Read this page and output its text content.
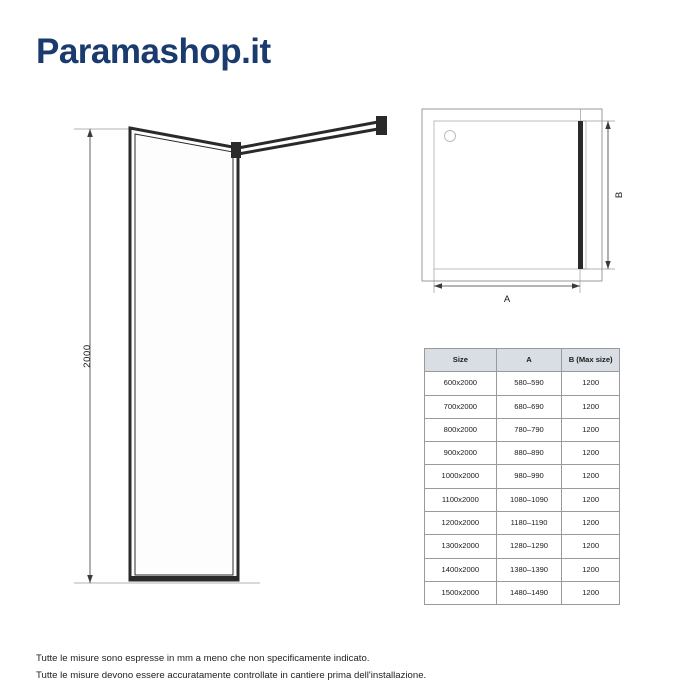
Paramashop.it
2000
A
B
Size	A	B (Max size)
600x2000	580–590	1200
700x2000	680–690	1200
800x2000	780–790	1200
900x2000	880–890	1200
1000x2000	980–990	1200
1100x2000	1080–1090	1200
1200x2000	1180–1190	1200
1300x2000	1280–1290	1200
1400x2000	1380–1390	1200
1500x2000	1480–1490	1200
Tutte le misure sono espresse in mm a meno che non specificamente indicato.
Tutte le misure devono essere accuratamente controllate in cantiere prima dell'installazione.
